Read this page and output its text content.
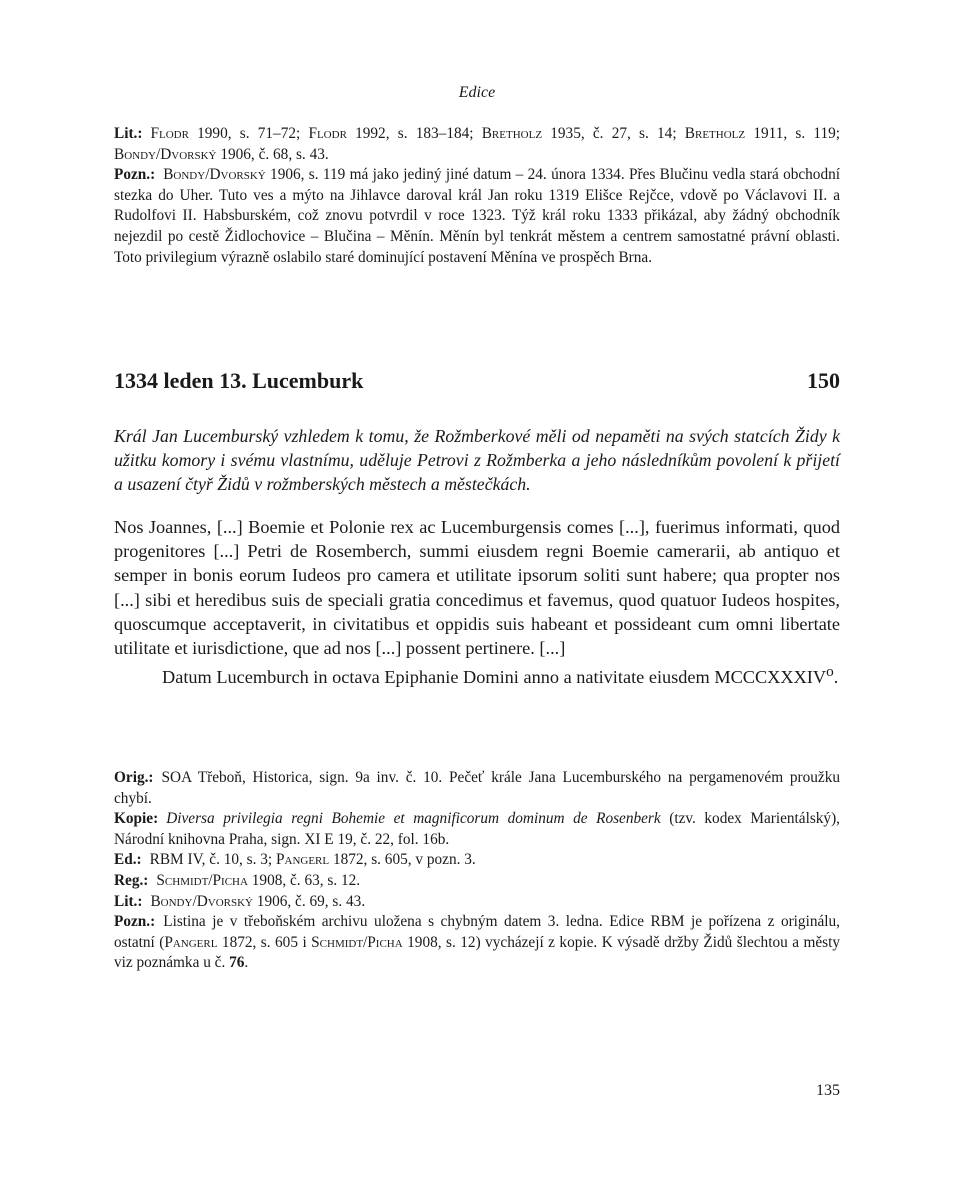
Edice

Lit.: Flodr 1990, s. 71–72; Flodr 1992, s. 183–184; Bretholz 1935, č. 27, s. 14; Bretholz 1911, s. 119; Bondy/Dvorský 1906, č. 68, s. 43.

Pozn.: Bondy/Dvorský 1906, s. 119 má jako jediný jiné datum – 24. února 1334. Přes Blučinu vedla stará obchodní stezka do Uher. Tuto ves a mýto na Jihlavce daroval král Jan roku 1319 Elišce Rejčce, vdově po Václavovi II. a Rudolfovi II. Habsburském, což znovu potvrdil v roce 1323. Týž král roku 1333 přikázal, aby žádný obchodník nejezdil po cestě Židlochovice – Blučina – Měnín. Měnín byl tenkrát městem a centrem samostatné právní oblasti. Toto privilegium výrazně oslabilo staré dominující postavení Měnína ve prospěch Brna.

1334 leden 13. Lucemburk	150
Král Jan Lucemburský vzhledem k tomu, že Rožmberkové měli od nepaměti na svých statcích Židy k užitku komory i svému vlastnímu, uděluje Petrovi z Rožmberka a jeho následníkům povolení k přijetí a usazení čtyř Židů v rožmberských městech a městečkách.

Nos Joannes, [...] Boemie et Polonie rex ac Lucemburgensis comes [...], fuerimus informati, quod progenitores [...] Petri de Rosemberch, summi eiusdem regni Boemie camerarii, ab antiquo et semper in bonis eorum Iudeos pro camera et utilitate ipsorum soliti sunt habere; qua propter nos [...] sibi et heredibus suis de speciali gratia concedimus et favemus, quod quatuor Iudeos hospites, quoscumque acceptaverit, in civitatibus et oppidis suis habeant et possideant cum omni libertate utilitate et iurisdictione, que ad nos [...] possent pertinere. [...]

Datum Lucemburch in octava Epiphanie Domini anno a nativitate eiusdem MCCCXXXIV$^o$.

Orig.: SOA Třeboň, Historica, sign. 9a inv. č. 10. Pečeť krále Jana Lucemburského na pergamenovém proužku chybí.

Kopie: Diversa privilegia regni Bohemie et magnificorum dominum de Rosenberk (tzv. kodex Marientálský), Národní knihovna Praha, sign. XI E 19, č. 22, fol. 16b.

Ed.: RBM IV, č. 10, s. 3; Pangerl 1872, s. 605, v pozn. 3.

Reg.: Schmidt/Picha 1908, č. 63, s. 12.

Lit.: Bondy/Dvorský 1906, č. 69, s. 43.

Pozn.: Listina je v třeboňském archivu uložena s chybným datem 3. ledna. Edice RBM je pořízena z originálu, ostatní (Pangerl 1872, s. 605 i Schmidt/Picha 1908, s. 12) vycházejí z kopie. K výsadě držby Židů šlechtou a městy viz poznámka u č. 76.

135
